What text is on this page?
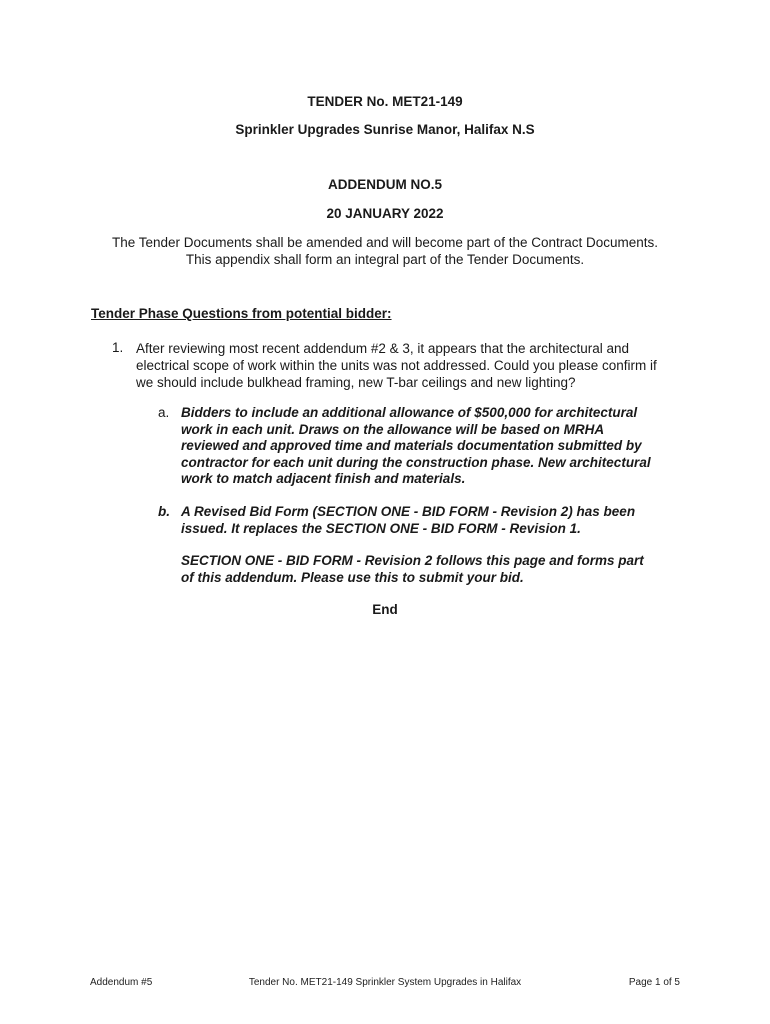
TENDER No. MET21-149
Sprinkler Upgrades Sunrise Manor, Halifax N.S
ADDENDUM NO.5
20 JANUARY 2022
The Tender Documents shall be amended and will become part of the Contract Documents.
This appendix shall form an integral part of the Tender Documents.
Tender Phase Questions from potential bidder:
1. After reviewing most recent addendum #2 & 3, it appears that the architectural and
electrical scope of work within the units was not addressed. Could you please confirm if
we should include bulkhead framing, new T-bar ceilings and new lighting?
a. Bidders to include an additional allowance of $500,000 for architectural
work in each unit. Draws on the allowance will be based on MRHA
reviewed and approved time and materials documentation submitted by
contractor for each unit during the construction phase. New architectural
work to match adjacent finish and materials.
b. A Revised Bid Form (SECTION ONE - BID FORM - Revision 2) has been
issued. It replaces the SECTION ONE - BID FORM - Revision 1.
SECTION ONE - BID FORM - Revision 2 follows this page and forms part
of this addendum. Please use this to submit your bid.
End
Addendum #5	Tender No. MET21-149 Sprinkler System Upgrades in Halifax	Page 1 of 5
